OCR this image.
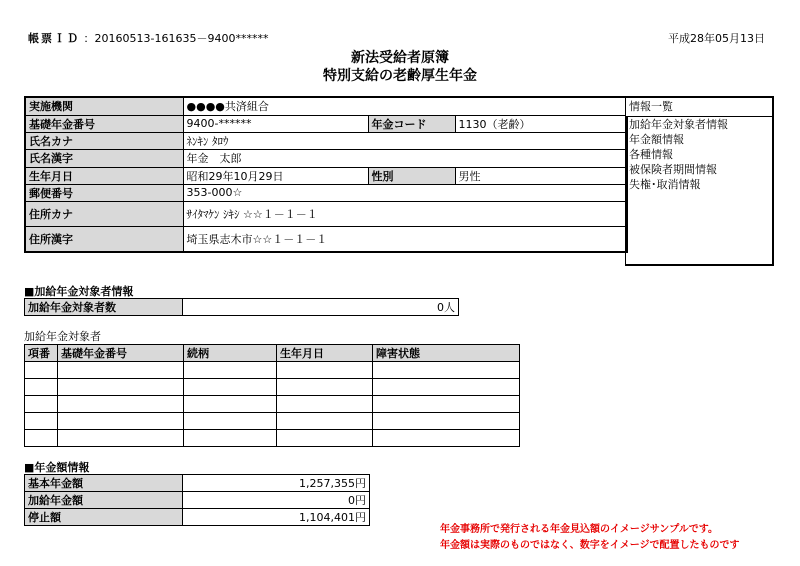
帳票ＩＤ ：20160513-161635－9400******	平成28年05月13日
新法受給者原簿
特別支給の老齢厚生年金
実施機関	●●●●共済組合		
基礎年金番号	9400-******	年金コード	1130（老齢）
氏名カナ	ﾈﾝｷﾝ ﾀﾛｳ		
氏名漢字	年金　太郎		
生年月日	昭和29年10月29日	性別	男性
郵便番号	353-000☆		
住所カナ	ｻｲﾀﾏｹﾝ ｼｷｼ ☆☆１－１－１		
住所漢字	埼玉県志木市☆☆１－１－１		
情報一覧
加給年金対象者情報
年金額情報
各種情報
被保険者期間情報
失権･取消情報
■加給年金対象者情報
加給年金対象者数	0人
加給年金対象者
項番	基礎年金番号	続柄	生年月日	障害状態

■年金額情報
基本年金額	1,257,355円
加給年金額	0円
停止額	1,104,401円
年金事務所で発行される年金見込額のイメージサンプルです。
年金額は実際のものではなく、数字をイメージで配置したものです
